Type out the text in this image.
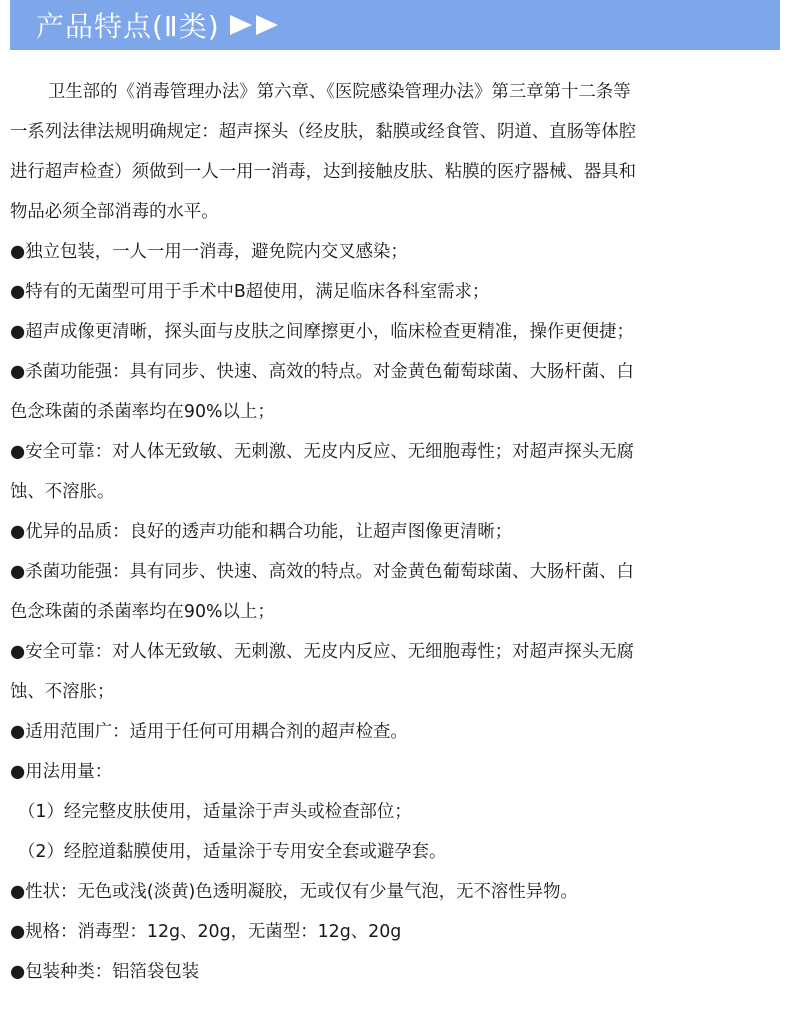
产品特点(Ⅱ类)

卫生部的《消毒管理办法》第六章、《医院感染管理办法》第三章第十二条等

一系列法律法规明确规定：超声探头（经皮肤，黏膜或经食管、阴道、直肠等体腔

进行超声检查）须做到一人一用一消毒，达到接触皮肤、粘膜的医疗器械、器具和

物品必须全部消毒的水平。

●独立包装，一人一用一消毒，避免院内交叉感染；

●特有的无菌型可用于手术中B超使用，满足临床各科室需求；

●超声成像更清晰，探头面与皮肤之间摩擦更小，临床检查更精准，操作更便捷；

●杀菌功能强：具有同步、快速、高效的特点。对金黄色葡萄球菌、大肠杆菌、白

色念珠菌的杀菌率均在90%以上；

●安全可靠：对人体无致敏、无刺激、无皮内反应、无细胞毒性；对超声探头无腐

蚀、不溶胀。

●优异的品质：良好的透声功能和耦合功能，让超声图像更清晰；

●杀菌功能强：具有同步、快速、高效的特点。对金黄色葡萄球菌、大肠杆菌、白

色念珠菌的杀菌率均在90%以上；

●安全可靠：对人体无致敏、无刺激、无皮内反应、无细胞毒性；对超声探头无腐

蚀、不溶胀；

●适用范围广：适用于任何可用耦合剂的超声检查。

●用法用量：

（1）经完整皮肤使用，适量涂于声头或检查部位；

（2）经腔道黏膜使用，适量涂于专用安全套或避孕套。

●性状：无色或浅(淡黄)色透明凝胶，无或仅有少量气泡，无不溶性异物。

●规格：消毒型：12g、20g，无菌型：12g、20g

●包装种类：铝箔袋包装
